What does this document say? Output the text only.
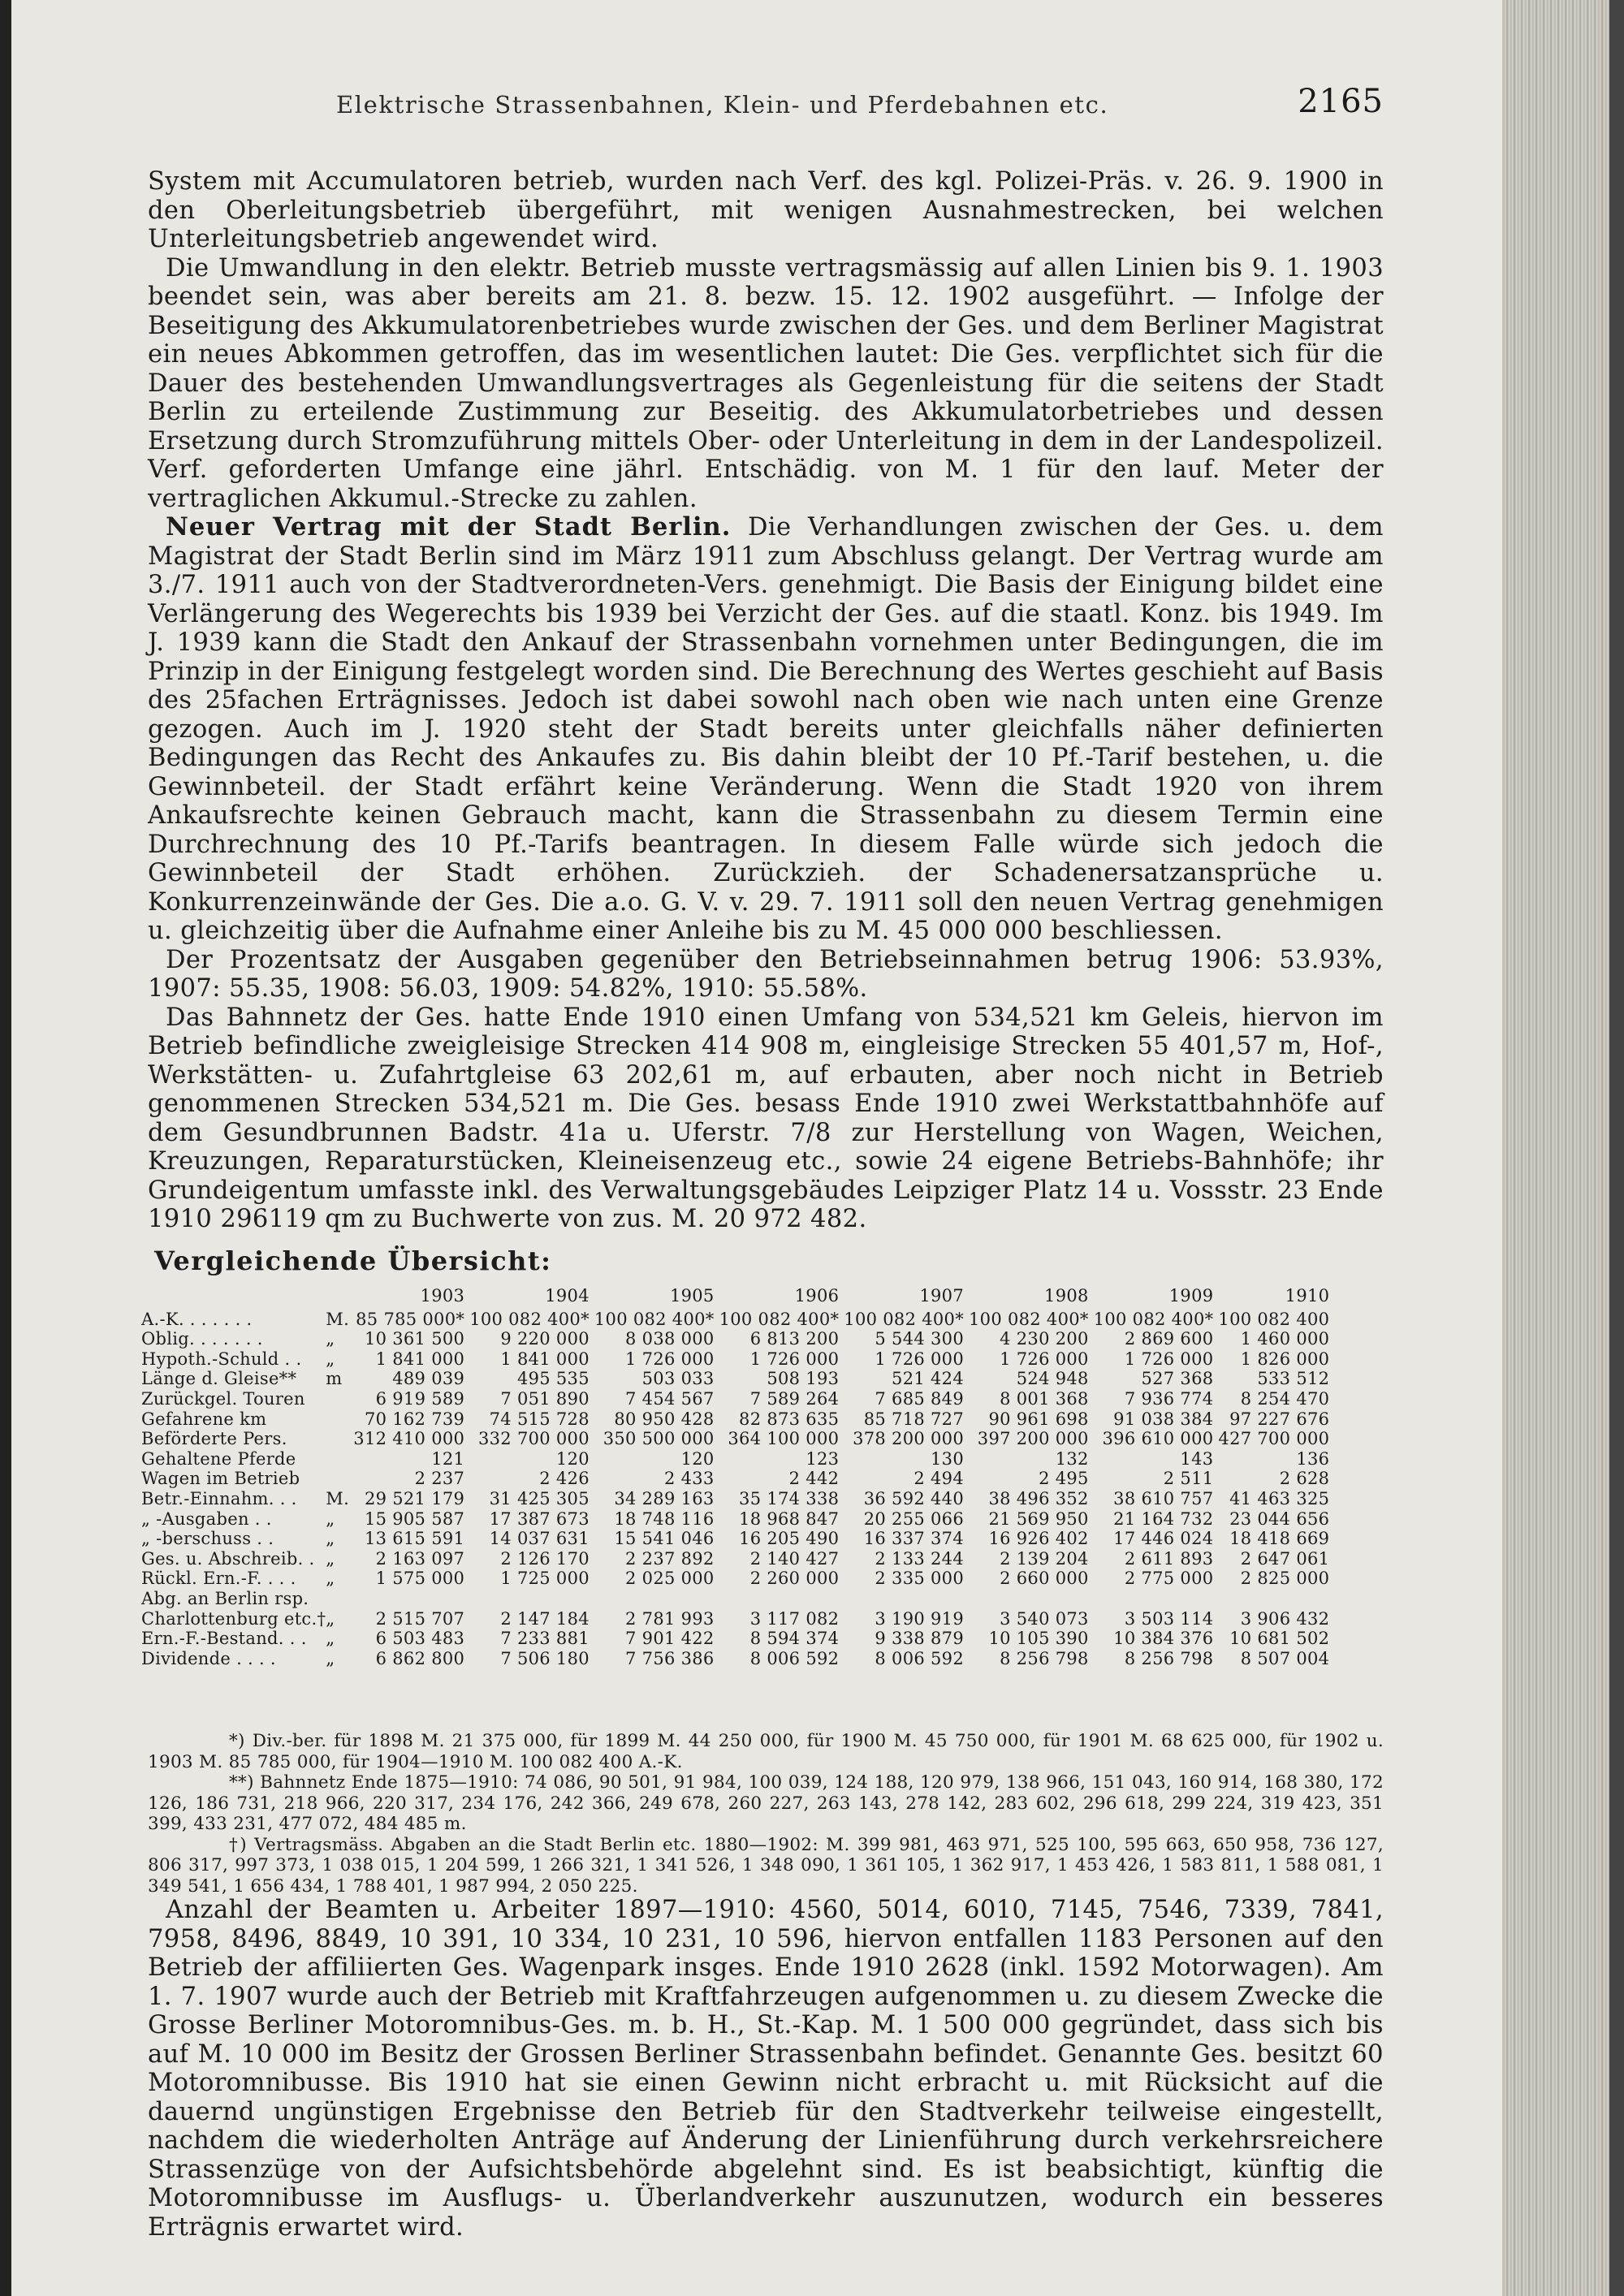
Elektrische Strassenbahnen, Klein- und Pferdebahnen etc.	2165

System mit Accumulatoren betrieb, wurden nach Verf. des kgl. Polizei-Präs. v. 26. 9. 1900 in den Oberleitungsbetrieb übergeführt, mit wenigen Ausnahmestrecken, bei welchen Unterleitungsbetrieb angewendet wird.

Die Umwandlung in den elektr. Betrieb musste vertragsmässig auf allen Linien bis 9. 1. 1903 beendet sein, was aber bereits am 21. 8. bezw. 15. 12. 1902 ausgeführt. — Infolge der Beseitigung des Akkumulatorenbetriebes wurde zwischen der Ges. und dem Berliner Magistrat ein neues Abkommen getroffen, das im wesentlichen lautet: Die Ges. verpflichtet sich für die Dauer des bestehenden Umwandlungsvertrages als Gegenleistung für die seitens der Stadt Berlin zu erteilende Zustimmung zur Beseitig. des Akkumulatorbetriebes und dessen Ersetzung durch Stromzuführung mittels Ober- oder Unterleitung in dem in der Landespolizeil. Verf. geforderten Umfange eine jährl. Entschädig. von M. 1 für den lauf. Meter der vertraglichen Akkumul.-Strecke zu zahlen.

Neuer Vertrag mit der Stadt Berlin. Die Verhandlungen zwischen der Ges. u. dem Magistrat der Stadt Berlin sind im März 1911 zum Abschluss gelangt. Der Vertrag wurde am 3./7. 1911 auch von der Stadtverordneten-Vers. genehmigt. Die Basis der Einigung bildet eine Verlängerung des Wegerechts bis 1939 bei Verzicht der Ges. auf die staatl. Konz. bis 1949. Im J. 1939 kann die Stadt den Ankauf der Strassenbahn vornehmen unter Bedingungen, die im Prinzip in der Einigung festgelegt worden sind. Die Berechnung des Wertes geschieht auf Basis des 25fachen Erträgnisses. Jedoch ist dabei sowohl nach oben wie nach unten eine Grenze gezogen. Auch im J. 1920 steht der Stadt bereits unter gleichfalls näher definierten Bedingungen das Recht des Ankaufes zu. Bis dahin bleibt der 10 Pf.-Tarif bestehen, u. die Gewinnbeteil. der Stadt erfährt keine Veränderung. Wenn die Stadt 1920 von ihrem Ankaufsrechte keinen Gebrauch macht, kann die Strassenbahn zu diesem Termin eine Durchrechnung des 10 Pf.-Tarifs beantragen. In diesem Falle würde sich jedoch die Gewinnbeteil der Stadt erhöhen. Zurückzieh. der Schadenersatzansprüche u. Konkurrenzeinwände der Ges. Die a.o. G. V. v. 29. 7. 1911 soll den neuen Vertrag genehmigen u. gleichzeitig über die Aufnahme einer Anleihe bis zu M. 45 000 000 beschliessen.

Der Prozentsatz der Ausgaben gegenüber den Betriebseinnahmen betrug 1906: 53.93%, 1907: 55.35, 1908: 56.03, 1909: 54.82%, 1910: 55.58%.

Das Bahnnetz der Ges. hatte Ende 1910 einen Umfang von 534,521 km Geleis, hiervon im Betrieb befindliche zweigleisige Strecken 414 908 m, eingleisige Strecken 55 401,57 m, Hof-, Werkstätten- u. Zufahrtgleise 63 202,61 m, auf erbauten, aber noch nicht in Betrieb genommenen Strecken 534,521 m. Die Ges. besass Ende 1910 zwei Werkstattbahnhöfe auf dem Gesundbrunnen Badstr. 41a u. Uferstr. 7/8 zur Herstellung von Wagen, Weichen, Kreuzungen, Reparaturstücken, Kleineisenzeug etc., sowie 24 eigene Betriebs-Bahnhöfe; ihr Grundeigentum umfasste inkl. des Verwaltungsgebäudes Leipziger Platz 14 u. Vossstr. 23 Ende 1910 296119 qm zu Buchwerte von zus. M. 20 972 482.

Vergleichende Übersicht:
		1903	1904	1905	1906	1907	1908	1909	1910
A.-K. . . . . . .	M.	85 785 000*	100 082 400*	100 082 400*	100 082 400*	100 082 400*	100 082 400*	100 082 400*	100 082 400
Oblig. . . . . . .	„	10 361 500	9 220 000	8 038 000	6 813 200	5 544 300	4 230 200	2 869 600	1 460 000
Hypoth.-Schuld . .	„	1 841 000	1 841 000	1 726 000	1 726 000	1 726 000	1 726 000	1 726 000	1 826 000
Länge d. Gleise**	m	489 039	495 535	503 033	508 193	521 424	524 948	527 368	533 512
Zurückgel. Touren		6 919 589	7 051 890	7 454 567	7 589 264	7 685 849	8 001 368	7 936 774	8 254 470
Gefahrene km		70 162 739	74 515 728	80 950 428	82 873 635	85 718 727	90 961 698	91 038 384	97 227 676
Beförderte Pers.		312 410 000	332 700 000	350 500 000	364 100 000	378 200 000	397 200 000	396 610 000	427 700 000
Gehaltene Pferde		121	120	120	123	130	132	143	136
Wagen im Betrieb		2 237	2 426	2 433	2 442	2 494	2 495	2 511	2 628
Betr.-Einnahm. . .	M.	29 521 179	31 425 305	34 289 163	35 174 338	36 592 440	38 496 352	38 610 757	41 463 325
„ -Ausgaben . .	„	15 905 587	17 387 673	18 748 116	18 968 847	20 255 066	21 569 950	21 164 732	23 044 656
„ -berschuss . .	„	13 615 591	14 037 631	15 541 046	16 205 490	16 337 374	16 926 402	17 446 024	18 418 669
Ges. u. Abschreib. .	„	2 163 097	2 126 170	2 237 892	2 140 427	2 133 244	2 139 204	2 611 893	2 647 061
Rückl. Ern.-F. . . .	„	1 575 000	1 725 000	2 025 000	2 260 000	2 335 000	2 660 000	2 775 000	2 825 000
Abg. an Berlin rsp.									
Charlottenburg etc.†	„	2 515 707	2 147 184	2 781 993	3 117 082	3 190 919	3 540 073	3 503 114	3 906 432
Ern.-F.-Bestand. . .	„	6 503 483	7 233 881	7 901 422	8 594 374	9 338 879	10 105 390	10 384 376	10 681 502
Dividende . . . .	„	6 862 800	7 506 180	7 756 386	8 006 592	8 006 592	8 256 798	8 256 798	8 507 004

*) Div.-ber. für 1898 M. 21 375 000, für 1899 M. 44 250 000, für 1900 M. 45 750 000, für 1901 M. 68 625 000, für 1902 u. 1903 M. 85 785 000, für 1904—1910 M. 100 082 400 A.-K.

**) Bahnnetz Ende 1875—1910: 74 086, 90 501, 91 984, 100 039, 124 188, 120 979, 138 966, 151 043, 160 914, 168 380, 172 126, 186 731, 218 966, 220 317, 234 176, 242 366, 249 678, 260 227, 263 143, 278 142, 283 602, 296 618, 299 224, 319 423, 351 399, 433 231, 477 072, 484 485 m.

†) Vertragsmäss. Abgaben an die Stadt Berlin etc. 1880—1902: M. 399 981, 463 971, 525 100, 595 663, 650 958, 736 127, 806 317, 997 373, 1 038 015, 1 204 599, 1 266 321, 1 341 526, 1 348 090, 1 361 105, 1 362 917, 1 453 426, 1 583 811, 1 588 081, 1 349 541, 1 656 434, 1 788 401, 1 987 994, 2 050 225.

Anzahl der Beamten u. Arbeiter 1897—1910: 4560, 5014, 6010, 7145, 7546, 7339, 7841, 7958, 8496, 8849, 10 391, 10 334, 10 231, 10 596, hiervon entfallen 1183 Personen auf den Betrieb der affiliierten Ges. Wagenpark insges. Ende 1910 2628 (inkl. 1592 Motorwagen). Am 1. 7. 1907 wurde auch der Betrieb mit Kraftfahrzeugen aufgenommen u. zu diesem Zwecke die Grosse Berliner Motoromnibus-Ges. m. b. H., St.-Kap. M. 1 500 000 gegründet, dass sich bis auf M. 10 000 im Besitz der Grossen Berliner Strassenbahn befindet. Genannte Ges. besitzt 60 Motoromnibusse. Bis 1910 hat sie einen Gewinn nicht erbracht u. mit Rücksicht auf die dauernd ungünstigen Ergebnisse den Betrieb für den Stadtverkehr teilweise eingestellt, nachdem die wiederholten Anträge auf Änderung der Linienführung durch verkehrsreichere Strassenzüge von der Aufsichtsbehörde abgelehnt sind. Es ist beabsichtigt, künftig die Motoromnibusse im Ausflugs- u. Überlandverkehr auszunutzen, wodurch ein besseres Erträgnis erwartet wird.
